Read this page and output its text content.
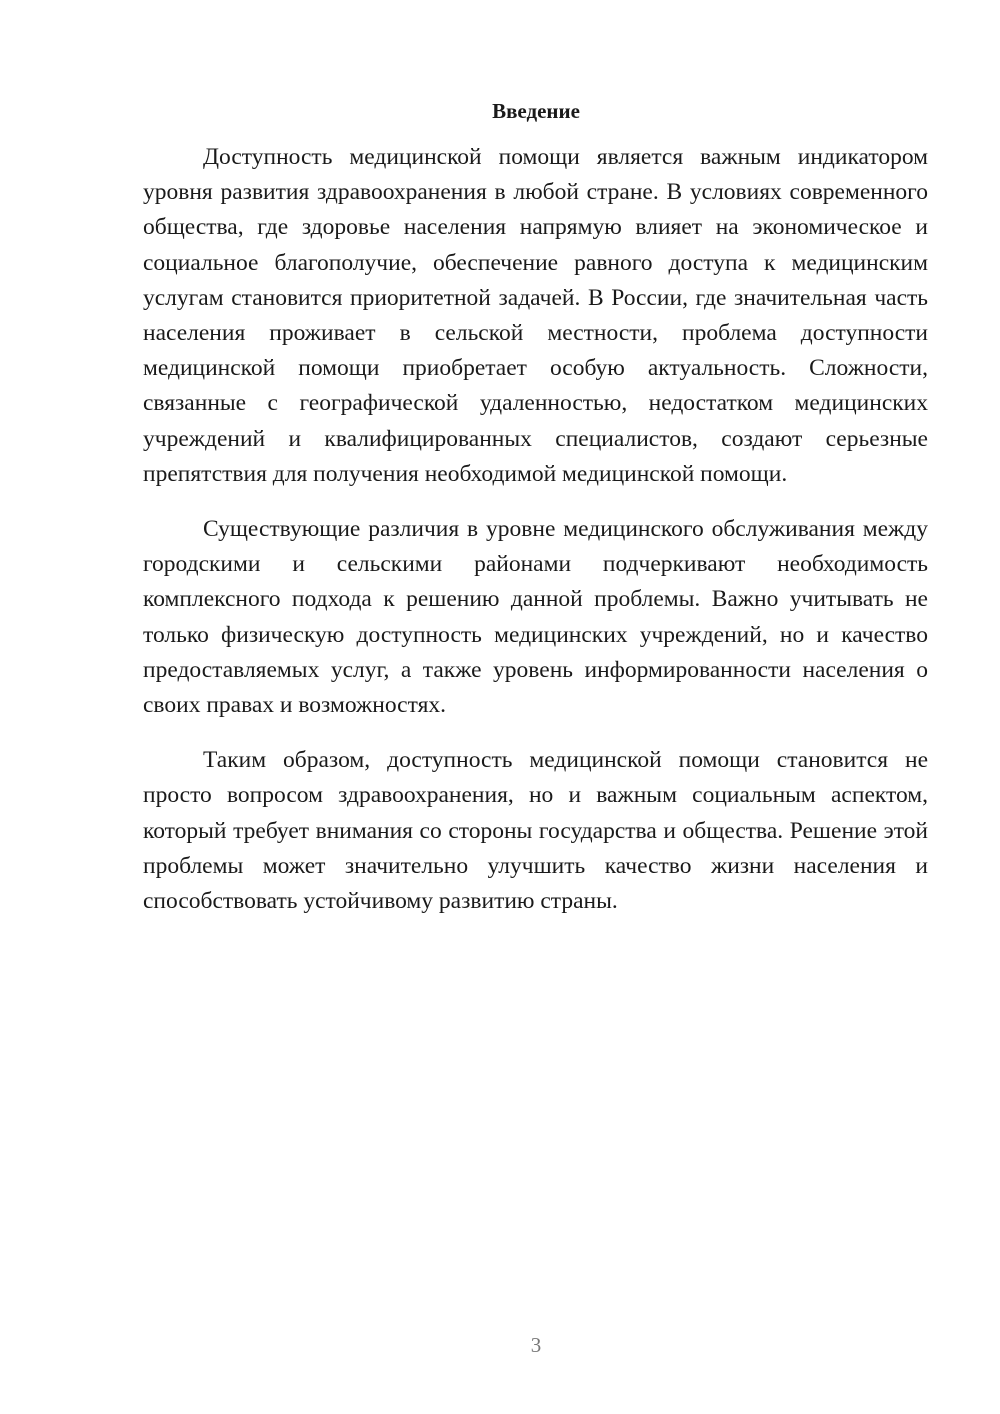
Введение

Доступность медицинской помощи является важным индикатором уровня развития здравоохранения в любой стране. В условиях современного общества, где здоровье населения напрямую влияет на экономическое и социальное благополучие, обеспечение равного доступа к медицинским услугам становится приоритетной задачей. В России, где значительная часть населения проживает в сельской местности, проблема доступности медицинской помощи приобретает особую актуальность. Сложности, связанные с географической удаленностью, недостатком медицинских учреждений и квалифицированных специалистов, создают серьезные препятствия для получения необходимой медицинской помощи.

Существующие различия в уровне медицинского обслуживания между городскими и сельскими районами подчеркивают необходимость комплексного подхода к решению данной проблемы. Важно учитывать не только физическую доступность медицинских учреждений, но и качество предоставляемых услуг, а также уровень информированности населения о своих правах и возможностях.

Таким образом, доступность медицинской помощи становится не просто вопросом здравоохранения, но и важным социальным аспектом, который требует внимания со стороны государства и общества. Решение этой проблемы может значительно улучшить качество жизни населения и способствовать устойчивому развитию страны.

3
